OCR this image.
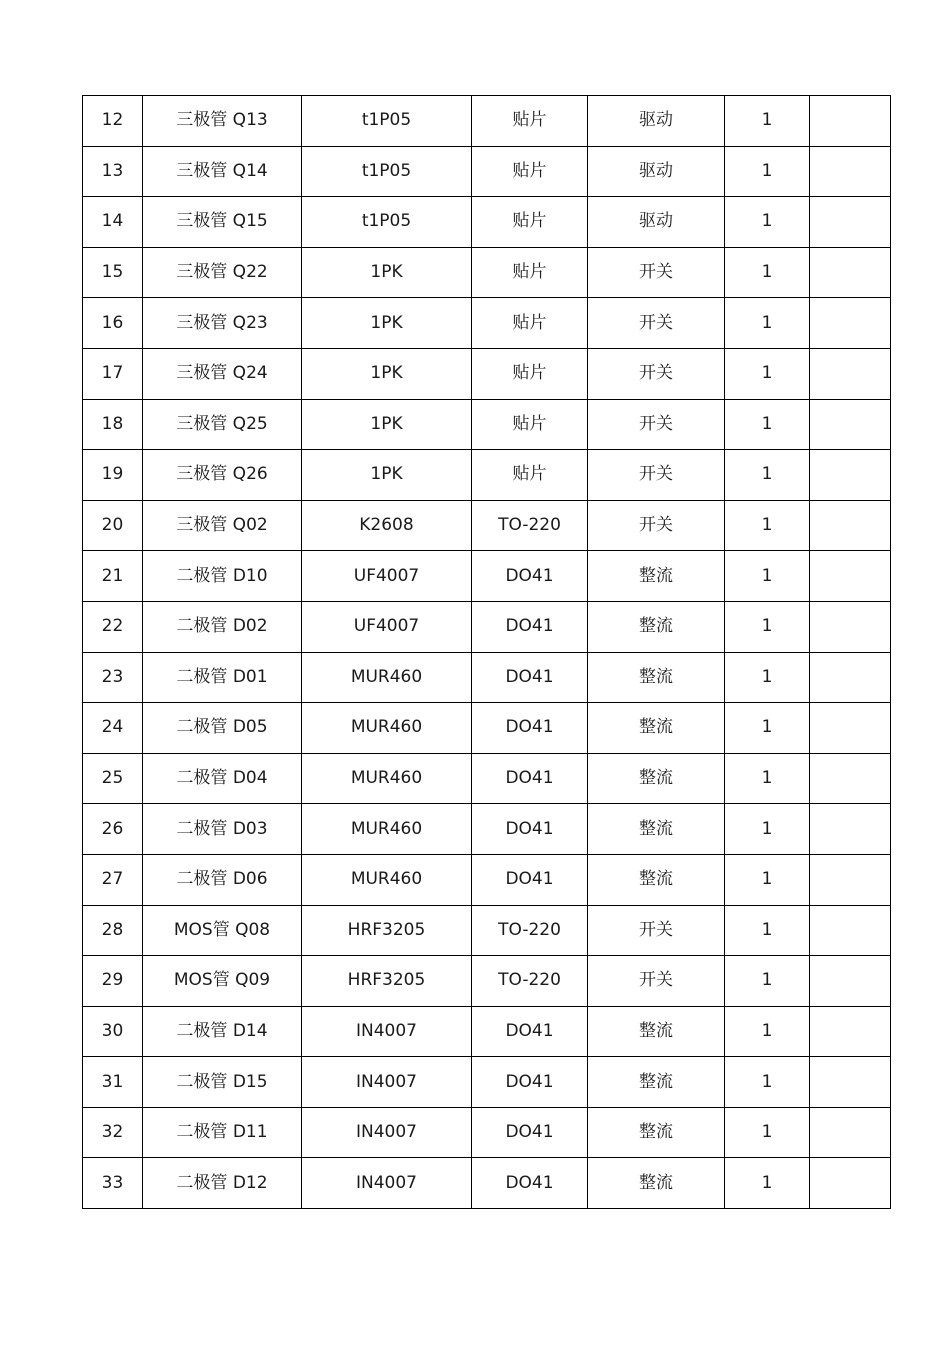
12	三极管 Q13	t1P05	贴片	驱动	1	
13	三极管 Q14	t1P05	贴片	驱动	1	
14	三极管 Q15	t1P05	贴片	驱动	1	
15	三极管 Q22	1PK	贴片	开关	1	
16	三极管 Q23	1PK	贴片	开关	1	
17	三极管 Q24	1PK	贴片	开关	1	
18	三极管 Q25	1PK	贴片	开关	1	
19	三极管 Q26	1PK	贴片	开关	1	
20	三极管 Q02	K2608	TO-220	开关	1	
21	二极管 D10	UF4007	DO41	整流	1	
22	二极管 D02	UF4007	DO41	整流	1	
23	二极管 D01	MUR460	DO41	整流	1	
24	二极管 D05	MUR460	DO41	整流	1	
25	二极管 D04	MUR460	DO41	整流	1	
26	二极管 D03	MUR460	DO41	整流	1	
27	二极管 D06	MUR460	DO41	整流	1	
28	MOS管 Q08	HRF3205	TO-220	开关	1	
29	MOS管 Q09	HRF3205	TO-220	开关	1	
30	二极管 D14	IN4007	DO41	整流	1	
31	二极管 D15	IN4007	DO41	整流	1	
32	二极管 D11	IN4007	DO41	整流	1	
33	二极管 D12	IN4007	DO41	整流	1	
